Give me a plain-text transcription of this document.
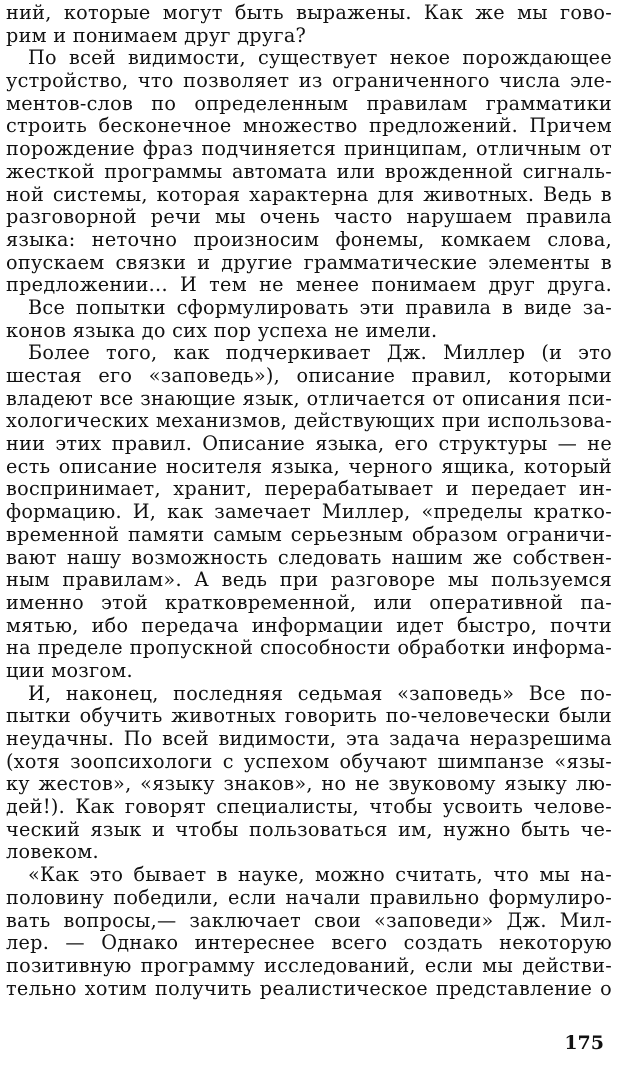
ний, которые могут быть выражены. Как же мы гово-
рим и понимаем друг друга?
По всей видимости, существует некое порождающее
устройство, что позволяет из ограниченного числа эле-
ментов-слов по определенным правилам грамматики
строить бесконечное множество предложений. Причем
порождение фраз подчиняется принципам, отличным от
жесткой программы автомата или врожденной сигналь-
ной системы, которая характерна для животных. Ведь в
разговорной речи мы очень часто нарушаем правила
языка: неточно произносим фонемы, комкаем слова,
опускаем связки и другие грамматические элементы в
предложении... И тем не менее понимаем друг друга.
Все попытки сформулировать эти правила в виде за-
конов языка до сих пор успеха не имели.
Более того, как подчеркивает Дж. Миллер (и это
шестая его «заповедь»), описание правил, которыми
владеют все знающие язык, отличается от описания пси-
хологических механизмов, действующих при использова-
нии этих правил. Описание языка, его структуры — не
есть описание носителя языка, черного ящика, который
воспринимает, хранит, перерабатывает и передает ин-
формацию. И, как замечает Миллер, «пределы кратко-
временной памяти самым серьезным образом ограничи-
вают нашу возможность следовать нашим же собствен-
ным правилам». А ведь при разговоре мы пользуемся
именно этой кратковременной, или оперативной па-
мятью, ибо передача информации идет быстро, почти
на пределе пропускной способности обработки информа-
ции мозгом.
И, наконец, последняя седьмая «заповедь» Все по-
пытки обучить животных говорить по-человечески были
неудачны. По всей видимости, эта задача неразрешима
(хотя зоопсихологи с успехом обучают шимпанзе «язы-
ку жестов», «языку знаков», но не звуковому языку лю-
дей!). Как говорят специалисты, чтобы усвоить челове-
ческий язык и чтобы пользоваться им, нужно быть че-
ловеком.
«Как это бывает в науке, можно считать, что мы на-
половину победили, если начали правильно формулиро-
вать вопросы,— заключает свои «заповеди» Дж. Мил-
лер. — Однако интереснее всего создать некоторую
позитивную программу исследований, если мы действи-
тельно хотим получить реалистическое представление о
175
